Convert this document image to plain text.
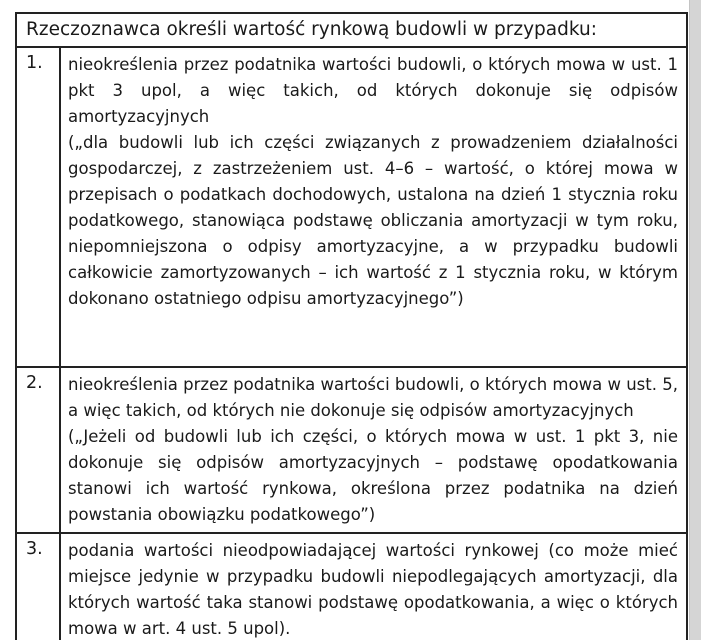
Rzeczoznawca określi wartość rynkową budowli w przypadku:	
1.	nieokreślenia przez podatnika wartości budowli, o których mowa w ust. 1 pkt 3 upol, a więc takich, od których dokonuje się odpisów amortyzacyjnych
(„dla budowli lub ich części związanych z prowadzeniem działalności gospodarczej, z zastrzeżeniem ust. 4–6 – wartość, o której mowa w przepisach o podatkach dochodowych, ustalona na dzień 1 stycznia roku podatkowego, stanowiąca podstawę obliczania amortyzacji w tym roku, niepomniejszona o odpisy amortyzacyjne, a w przypadku budowli całkowicie zamortyzowanych – ich wartość z 1 stycznia roku, w którym dokonano ostatniego odpisu amortyzacyjnego”)

2.	nieokreślenia przez podatnika wartości budowli, o których mowa w ust. 5, a więc takich, od których nie dokonuje się odpisów amortyzacyjnych
(„Jeżeli od budowli lub ich części, o których mowa w ust. 1 pkt 3, nie dokonuje się odpisów amortyzacyjnych – podstawę opodatkowania stanowi ich wartość rynkowa, określona przez podatnika na dzień powstania obowiązku podatkowego”)

3.	podania wartości nieodpowiadającej wartości rynkowej (co może mieć miejsce jedynie w przypadku budowli niepodlegających amortyzacji, dla których wartość taka stanowi podstawę opodatkowania, a więc o których mowa w art. 4 ust. 5 upol).
